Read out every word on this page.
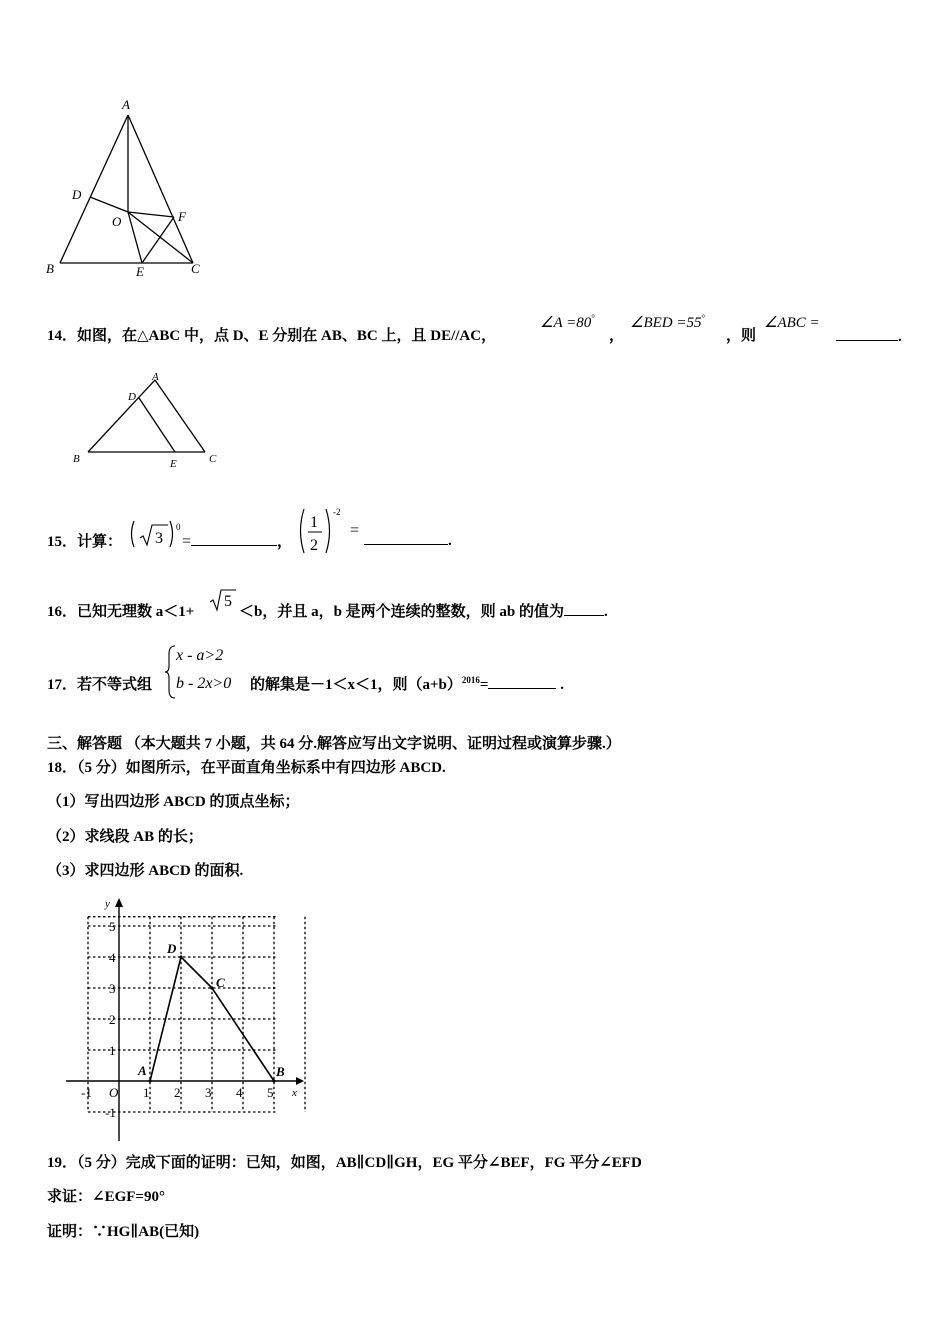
A
D
O	F
B	E	C
14．如图，在△ABC 中，点 D、E 分别在 AB、BC 上，且 DE//AC，
∠A =80°
，
∠BED =55°
，则
∠ABC =
.
A
D
B	E	C
15．计算： 3
0
=	，
1
2
-2
=
.
16．已知无理数 a＜1+
5
＜b，并且 a，b 是两个连续的整数，则 ab 的值为	.
17．若不等式组
x - a>2
b - 2x>0 的解集是－1＜x＜1，则$(a+b)^{2016}=$	.
三、解答题 （本大题共 7 小题，共 64 分.解答应写出文字说明、证明过程或演算步骤.）
18．（5 分）如图所示，在平面直角坐标系中有四边形 ABCD.
（1）写出四边形 ABCD 的顶点坐标；
（2）求线段 AB 的长；
（3）求四边形 ABCD 的面积.
x
y
-1 O 1 2 3 4 5
-1
1
2
3
4
5
A
D
C
B
19．（5 分）完成下面的证明：已知，如图，AB∥CD∥GH，EG 平分∠BEF，FG 平分∠EFD
求证：∠EGF=90°
证明：∵HG∥AB(已知)
